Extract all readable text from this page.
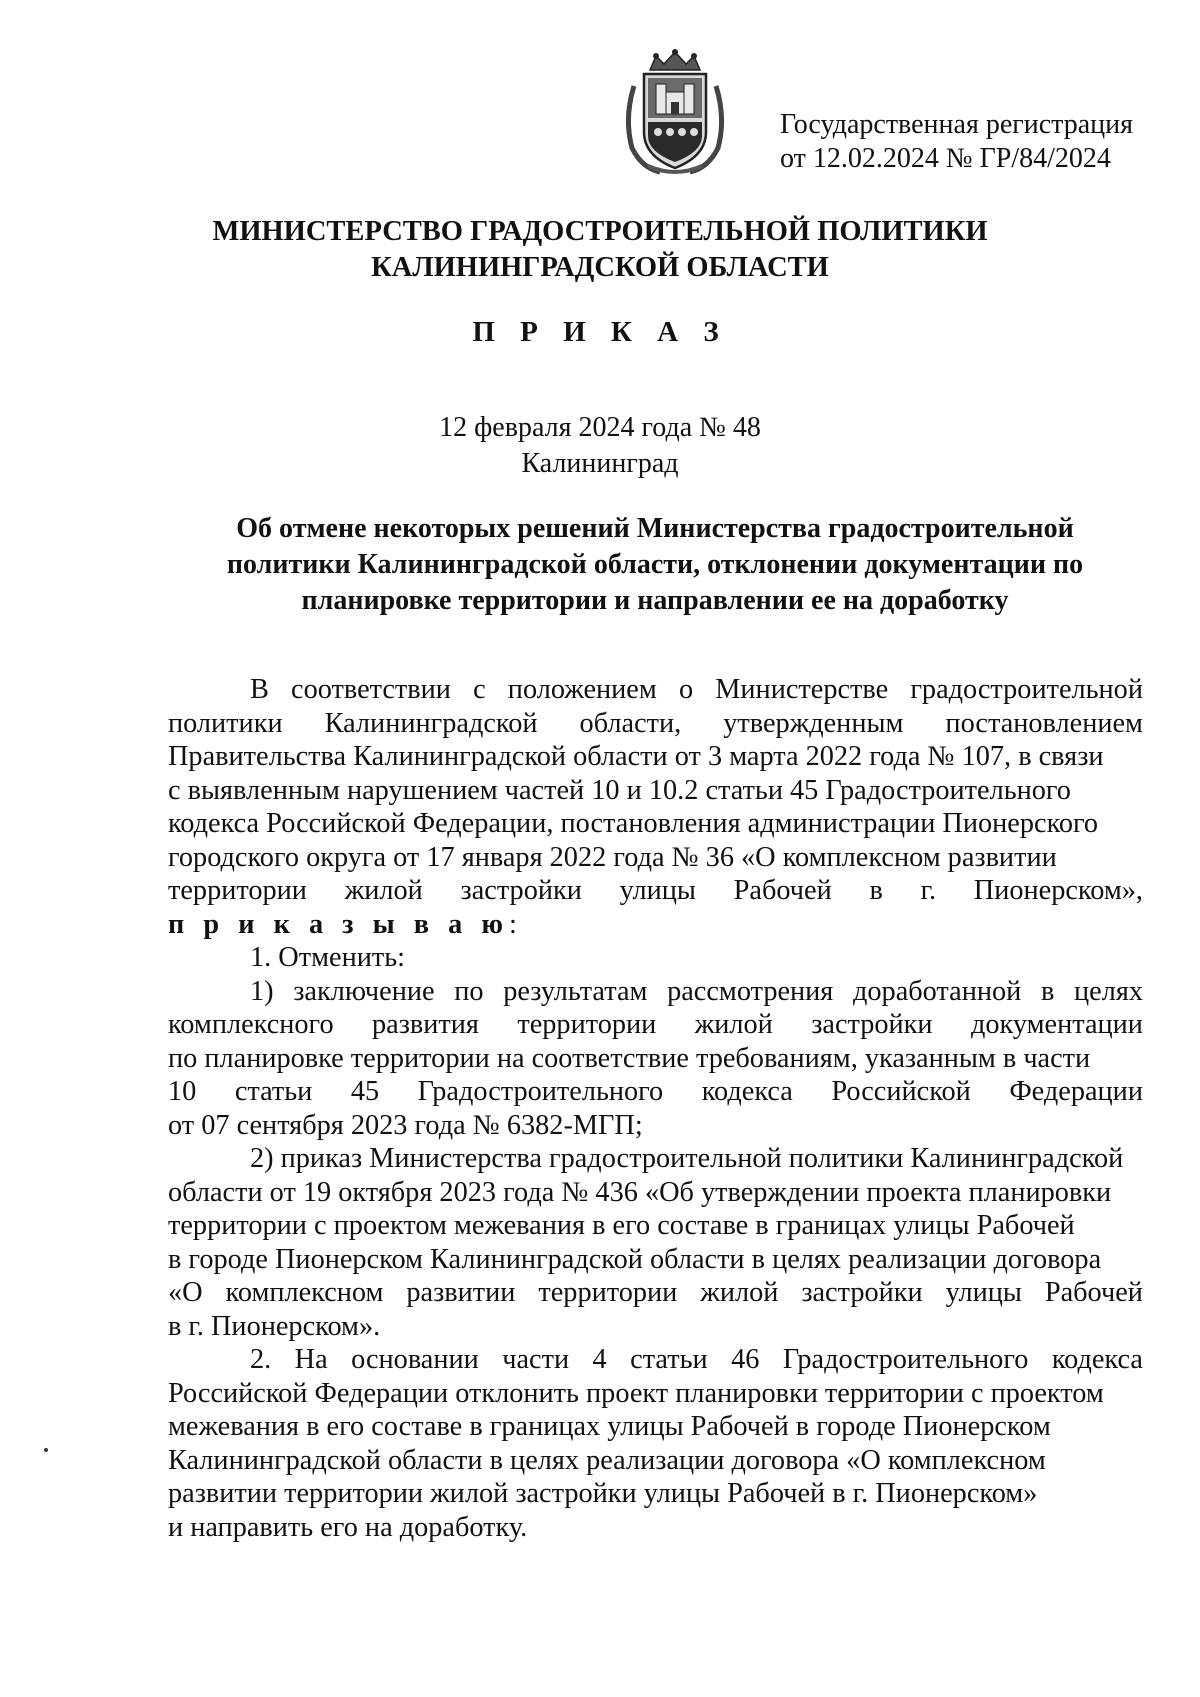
Государственная регистрация
от 12.02.2024 № ГР/84/2024
МИНИСТЕРСТВО ГРАДОСТРОИТЕЛЬНОЙ ПОЛИТИКИ
КАЛИНИНГРАДСКОЙ ОБЛАСТИ
П Р И К А З
12 февраля 2024 года № 48
Калининград
Об отмене некоторых решений Министерства градостроительной
политики Калининградской области, отклонении документации по
планировке территории и направлении ее на доработку
В соответствии с положением о Министерстве градостроительной
политики Калининградской области, утвержденным постановлением
Правительства Калининградской области от 3 марта 2022 года № 107, в связи
с выявленным нарушением частей 10 и 10.2 статьи 45 Градостроительного
кодекса Российской Федерации, постановления администрации Пионерского
городского округа от 17 января 2022 года № 36 «О комплексном развитии
территории жилой застройки улицы Рабочей в г. Пионерском»,
п р и к а з ы в а ю:
1. Отменить:
1) заключение по результатам рассмотрения доработанной в целях
комплексного развития территории жилой застройки документации
по планировке территории на соответствие требованиям, указанным в части
10 статьи 45 Градостроительного кодекса Российской Федерации
от 07 сентября 2023 года № 6382-МГП;
2) приказ Министерства градостроительной политики Калининградской
области от 19 октября 2023 года № 436 «Об утверждении проекта планировки
территории с проектом межевания в его составе в границах улицы Рабочей
в городе Пионерском Калининградской области в целях реализации договора
«О комплексном развитии территории жилой застройки улицы Рабочей
в г. Пионерском».
2. На основании части 4 статьи 46 Градостроительного кодекса
Российской Федерации отклонить проект планировки территории с проектом
межевания в его составе в границах улицы Рабочей в городе Пионерском
Калининградской области в целях реализации договора «О комплексном
развитии территории жилой застройки улицы Рабочей в г. Пионерском»
и направить его на доработку.
